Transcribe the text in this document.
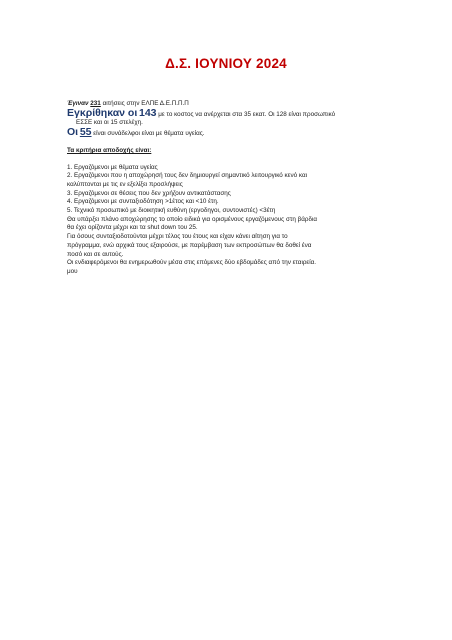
Δ.Σ. ΙΟΥΝΙΟΥ 2024
Έγιναν 231 αιτήσεις στην ΕΛΠΕ Δ.Ε.Π.Π.Π
Εγκρίθηκαν οι 143 με το κοστος να ανέρχεται στα 35 εκατ. Οι 128 είναι προσωπικό
ΕΣΣΕ και οι 15 στελέχη.
Οι 55 είναι συνάδελφοι είναι με θέματα υγείας.
Τα κριτήρια αποδοχής είναι:
1. Εργαζόμενοι με θέματα υγείας
2. Εργαζόμενοι που η αποχώρησή τους δεν δημιουργεί σημαντικό λειτουργικό κενό και
καλύπτονται με τις εν εξελίξει προσλήψεις
3. Εργαζόμενοι σε θέσεις που δεν χρήζουν αντικατάστασης
4. Εργαζόμενοι με συνταξιοδότηση >1έτος και <10 έτη.
5. Τεχνικό προσωπικό με διοικητική ευθύνη (εργοδηγοι, συντονιστές) <3έτη
Θα υπάρξει πλάνο αποχώρησης το οποίο ειδικά για ορισμένους εργαζόμενους στη βάρδια
θα έχει ορίζοντα μέχρι και τα shut down του 25.
Για όσους συνταξιοδοτούνται μέχρι τέλος του έτους και είχαν κάνει αίτηση για το
πρόγραμμα, ενώ αρχικά τους εξαιρούσε, με παρέμβαση των εκπροσώπων θα δοθεί ένα
ποσό και σε αυτούς.
Οι ενδιαφερόμενοι θα ενημερωθούν μέσα στις επόμενες δύο εβδομάδες από την εταιρεία.
μου
